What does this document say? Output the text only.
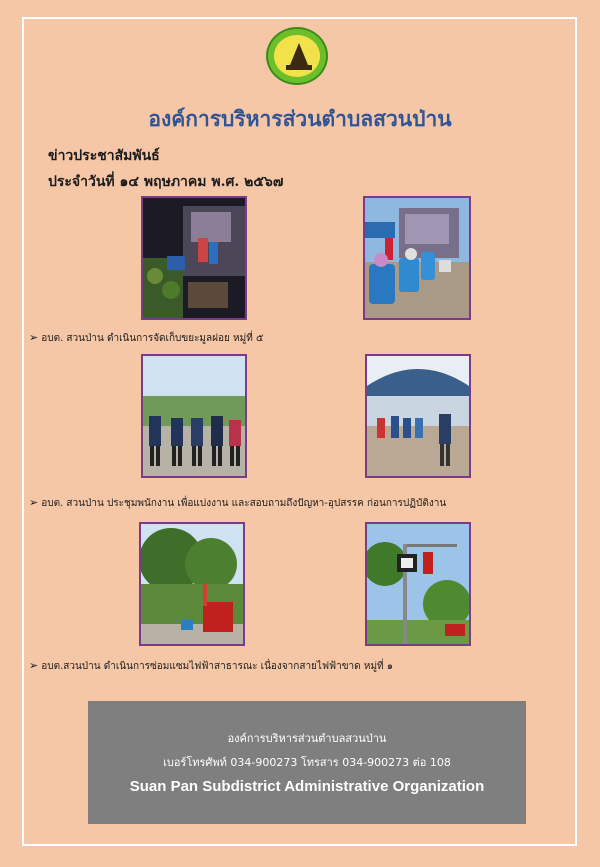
องค์การบริหารส่วนตำบลสวนป่าน
ข่าวประชาสัมพันธ์
ประจำวันที่ ๑๔ พฤษภาคม พ.ศ. ๒๕๖๗
➢ อบต. สวนป่าน ดำเนินการจัดเก็บขยะมูลฝอย หมู่ที่ ๕
➢ อบต. สวนป่าน ประชุมพนักงาน เพื่อแบ่งงาน และสอบถามถึงปัญหา-อุปสรรค ก่อนการปฏิบัติงาน
➢ อบต.สวนป่าน ดำเนินการซ่อมแซมไฟฟ้าสาธารณะ เนื่องจากสายไฟฟ้าขาด หมู่ที่ ๑
องค์การบริหารส่วนตำบลสวนป่าน
เบอร์โทรศัพท์ 034-900273 โทรสาร 034-900273 ต่อ 108
Suan Pan Subdistrict Administrative Organization
